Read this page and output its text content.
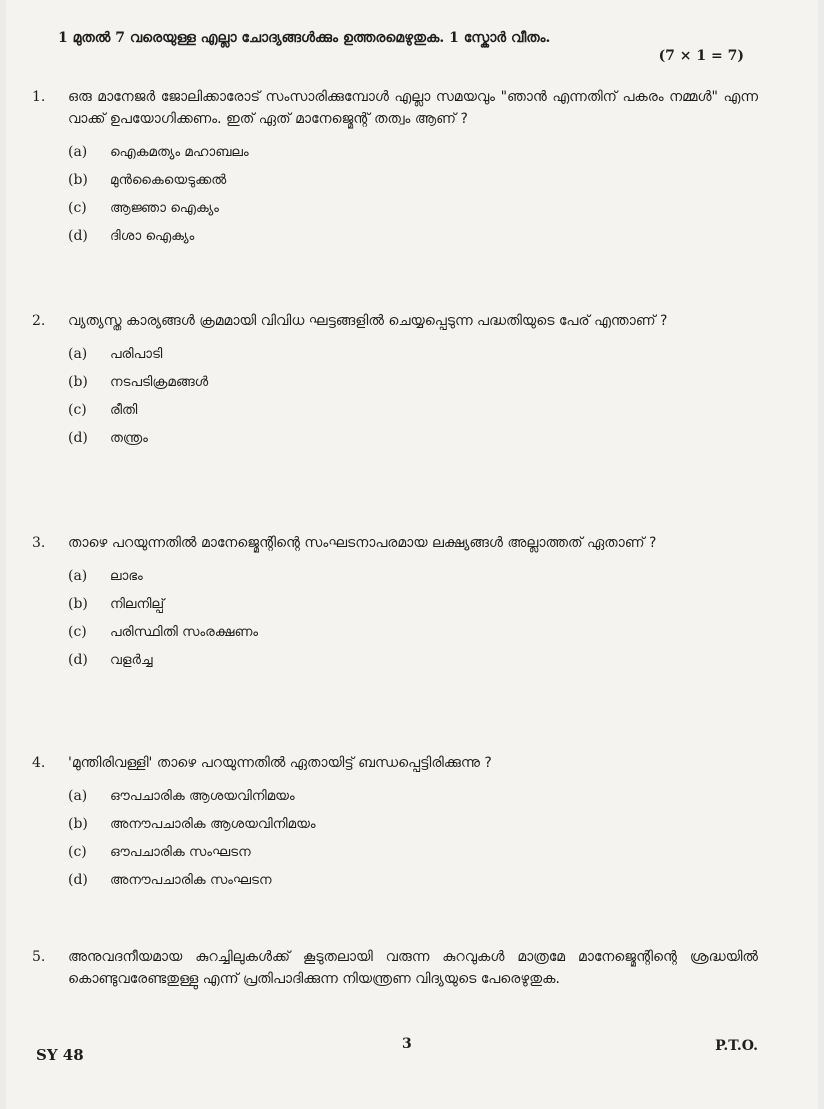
1 മുതൽ 7 വരെയുള്ള എല്ലാ ചോദ്യങ്ങൾക്കും ഉത്തരമെഴുതുക. 1 സ്കോർ വീതം.
(7 × 1 = 7)
1.	ഒരു മാനേജർ ജോലിക്കാരോട് സംസാരിക്കുമ്പോൾ എല്ലാ സമയവും "ഞാൻ എന്നതിന് പകരം നമ്മൾ" എന്ന വാക്ക് ഉപയോഗിക്കണം. ഇത് ഏത് മാനേജ്മെന്റ് തത്വം ആണ് ?
(a)	ഐകമത്യം മഹാബലം
(b)	മുൻകൈയെടുക്കൽ
(c)	ആജ്ഞാ ഐക്യം
(d)	ദിശാ ഐക്യം
2.	വ്യത്യസ്ത കാര്യങ്ങൾ ക്രമമായി വിവിധ ഘട്ടങ്ങളിൽ ചെയ്യപ്പെടുന്ന പദ്ധതിയുടെ പേര് എന്താണ് ?
(a)	പരിപാടി
(b)	നടപടിക്രമങ്ങൾ
(c)	രീതി
(d)	തന്ത്രം
3.	താഴെ പറയുന്നതിൽ മാനേജ്മെന്റിന്റെ സംഘടനാപരമായ ലക്ഷ്യങ്ങൾ അല്ലാത്തത് ഏതാണ് ?
(a)	ലാഭം
(b)	നിലനില്പ്
(c)	പരിസ്ഥിതി സംരക്ഷണം
(d)	വളർച്ച
4.	'മുന്തിരിവള്ളി' താഴെ പറയുന്നതിൽ ഏതായിട്ട് ബന്ധപ്പെട്ടിരിക്കുന്നു ?
(a)	ഔപചാരിക ആശയവിനിമയം
(b)	അനൗപചാരിക ആശയവിനിമയം
(c)	ഔപചാരിക സംഘടന
(d)	അനൗപചാരിക സംഘടന
5.	അനുവദനീയമായ കുറച്ചിലുകൾക്ക് കൂടുതലായി വരുന്ന കുറവുകൾ മാത്രമേ മാനേജ്മെന്റിന്റെ ശ്രദ്ധയിൽ കൊണ്ടുവരേണ്ടതുള്ളു എന്ന് പ്രതിപാദിക്കുന്ന നിയന്ത്രണ വിദ്യയുടെ പേരെഴുതുക.
SY 48
3	P.T.O.
